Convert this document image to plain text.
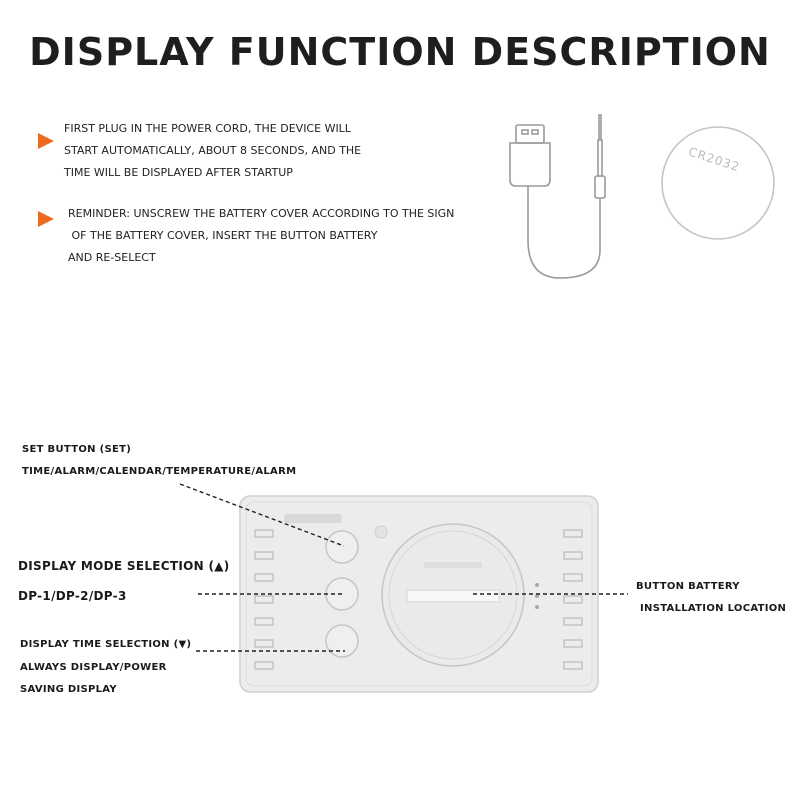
DISPLAY FUNCTION DESCRIPTION
FIRST PLUG IN THE POWER CORD, THE DEVICE WILL
START AUTOMATICALLY, ABOUT 8 SECONDS, AND THE
TIME WILL BE DISPLAYED AFTER STARTUP
REMINDER: UNSCREW THE BATTERY COVER ACCORDING TO THE SIGN
OF THE BATTERY COVER, INSERT THE BUTTON BATTERY
AND RE-SELECT
CR2032
SET BUTTON (SET)
TIME/ALARM/CALENDAR/TEMPERATURE/ALARM
DISPLAY MODE SELECTION (▲)
DP-1/DP-2/DP-3
DISPLAY TIME SELECTION (▼)
ALWAYS DISPLAY/POWER
SAVING DISPLAY
BUTTON BATTERY
INSTALLATION LOCATION
